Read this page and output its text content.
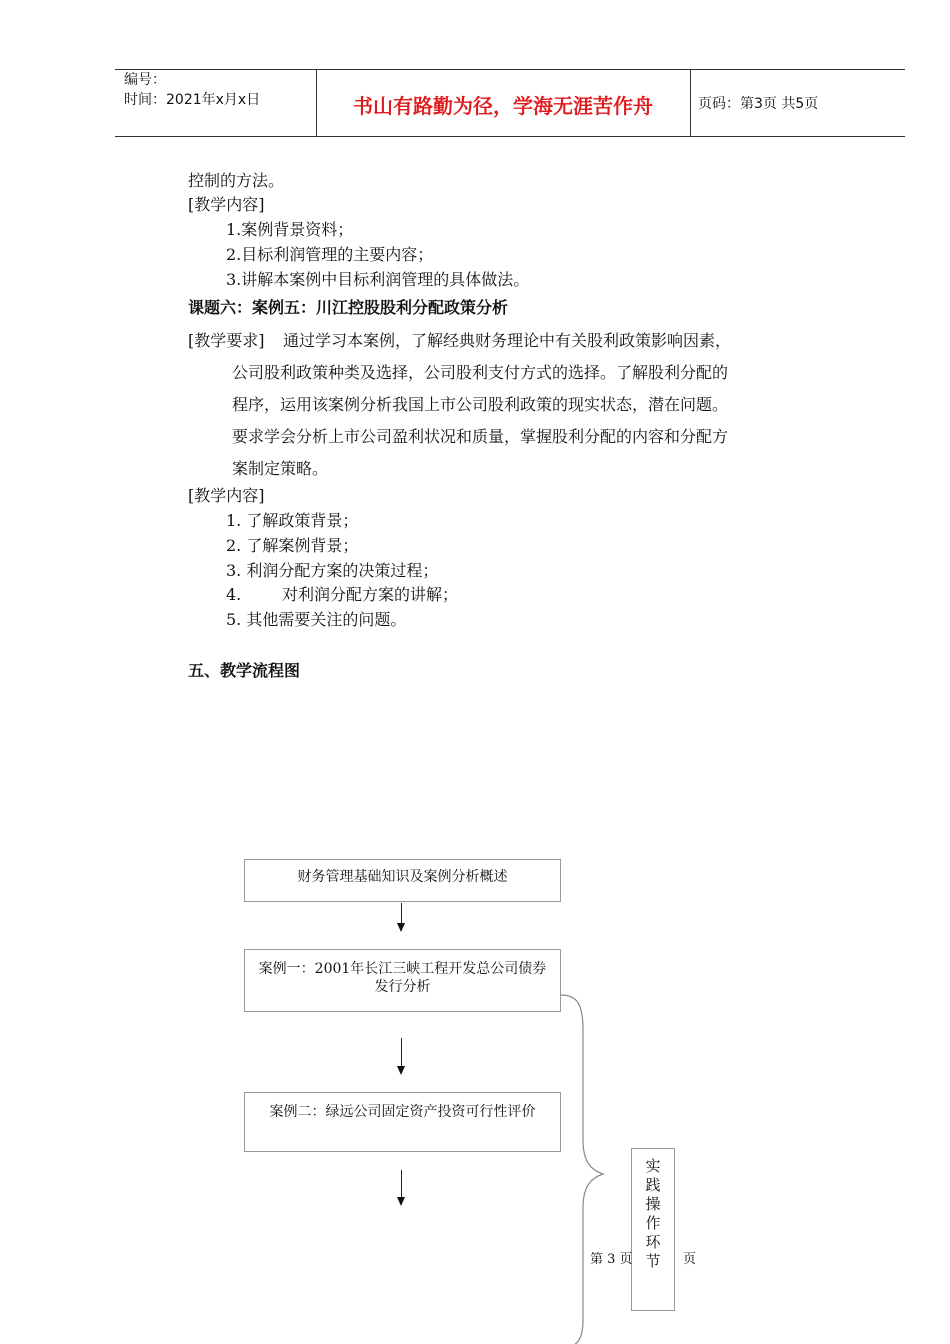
编号：
时间：2021年x月x日	书山有路勤为径，学海无涯苦作舟	页码：第3页 共5页
控制的方法。
[教学内容]
1.案例背景资料；
2.目标利润管理的主要内容；
3.讲解本案例中目标利润管理的具体做法。
课题六：案例五：川江控股股利分配政策分析
[教学要求] 通过学习本案例，了解经典财务理论中有关股利政策影响因素，
公司股利政策种类及选择，公司股利支付方式的选择。了解股利分配的
程序，运用该案例分析我国上市公司股利政策的现实状态，潜在问题。
要求学会分析上市公司盈利状况和质量，掌握股利分配的内容和分配方
案制定策略。
[教学内容]
1. 了解政策背景；
2. 了解案例背景；
3. 利润分配方案的决策过程；
4.        对利润分配方案的讲解；
5. 其他需要关注的问题。
五、教学流程图
财务管理基础知识及案例分析概述
案例一：2001年长江三峡工程开发总公司债券发行分析
案例二：绿远公司固定资产投资可行性评价
实
践
操
作
环
节
第 3 页	页
